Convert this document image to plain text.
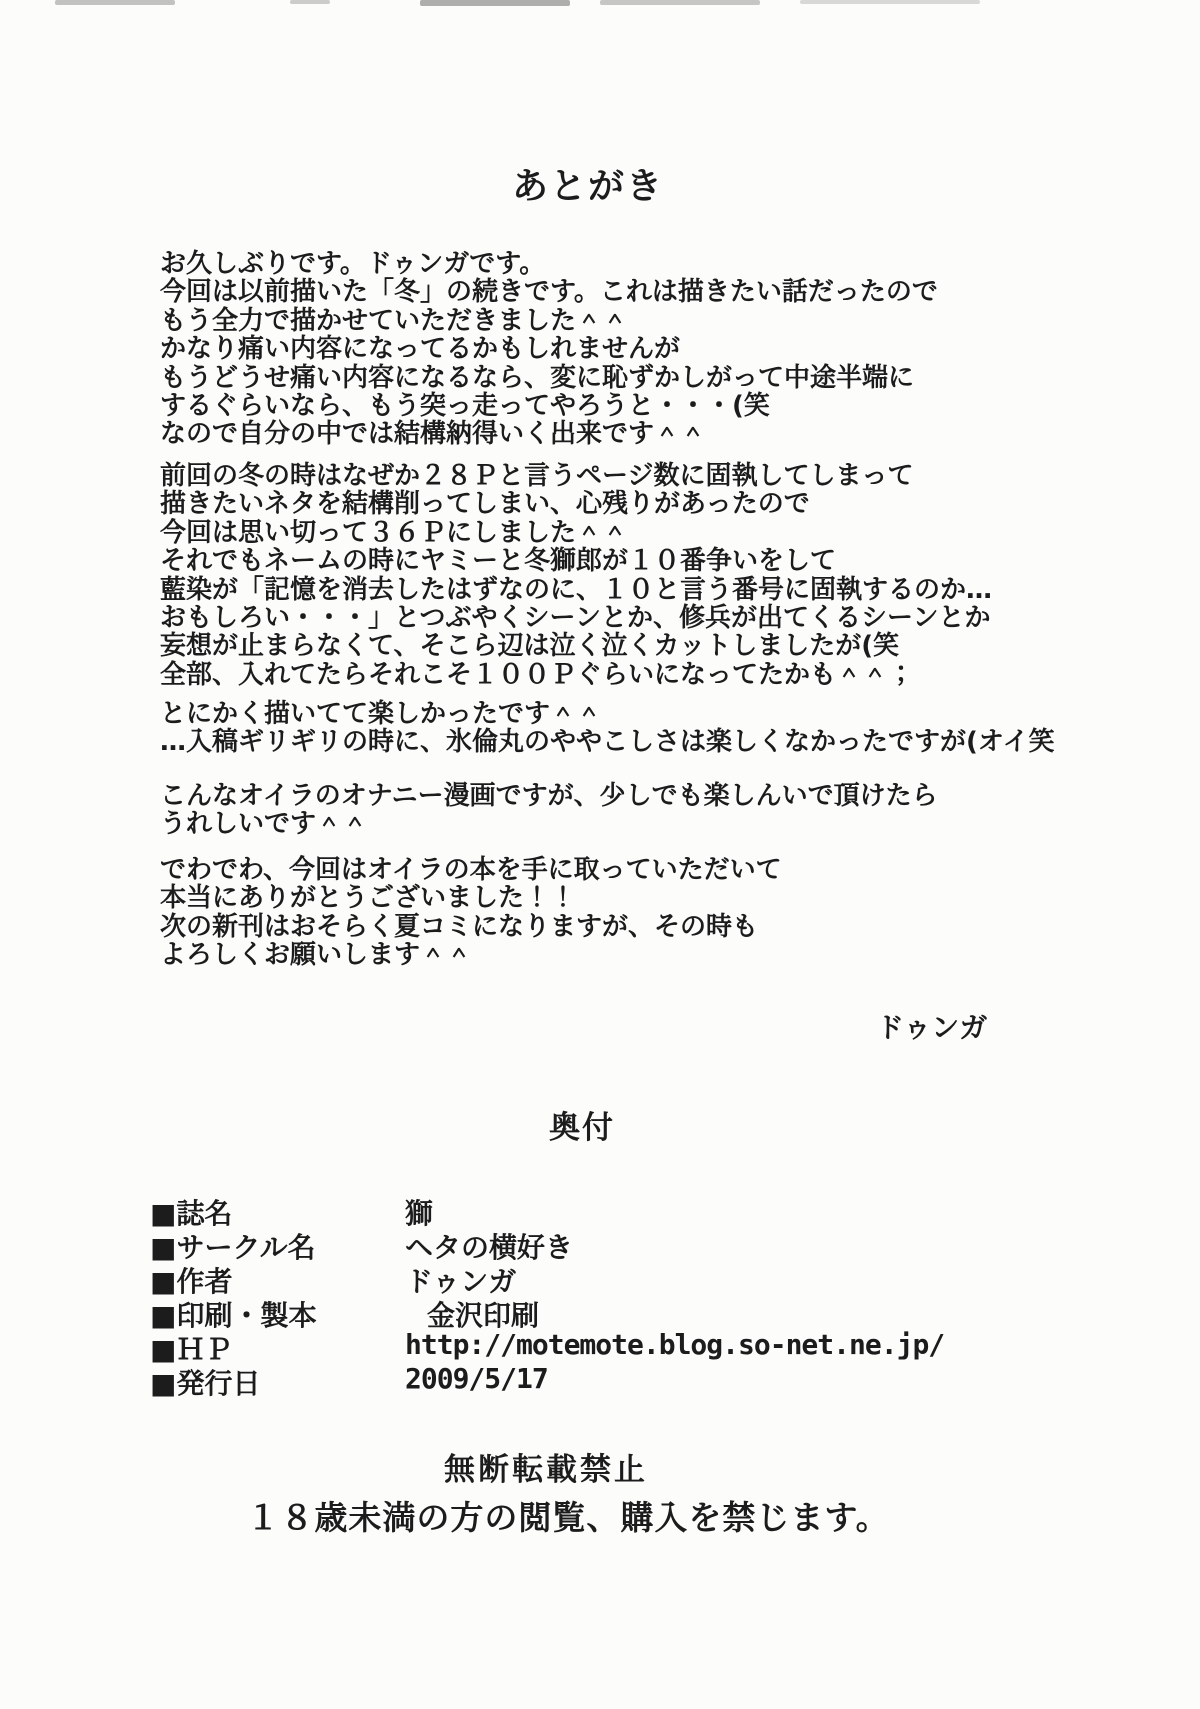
あとがき
お久しぶりです。ドゥンガです。
今回は以前描いた「冬」の続きです。これは描きたい話だったので
もう全力で描かせていただきました＾＾
かなり痛い内容になってるかもしれませんが
もうどうせ痛い内容になるなら、変に恥ずかしがって中途半端に
するぐらいなら、もう突っ走ってやろうと・・・(笑
なので自分の中では結構納得いく出来です＾＾
前回の冬の時はなぜか２８Ｐと言うページ数に固執してしまって
描きたいネタを結構削ってしまい、心残りがあったので
今回は思い切って３６Ｐにしました＾＾
それでもネームの時にヤミーと冬獅郎が１０番争いをして
藍染が「記憶を消去したはずなのに、１０と言う番号に固執するのか…
おもしろい・・・」とつぶやくシーンとか、修兵が出てくるシーンとか
妄想が止まらなくて、そこら辺は泣く泣くカットしましたが(笑
全部、入れてたらそれこそ１００Ｐぐらいになってたかも＾＾；
とにかく描いてて楽しかったです＾＾
…入稿ギリギリの時に、氷倫丸のややこしさは楽しくなかったですが(オイ笑
こんなオイラのオナニー漫画ですが、少しでも楽しんいで頂けたら
うれしいです＾＾
でわでわ、今回はオイラの本を手に取っていただいて
本当にありがとうございました！！
次の新刊はおそらく夏コミになりますが、その時も
よろしくお願いします＾＾
ドゥンガ
奥付
■誌名	獅
■サークル名	ヘタの横好き
■作者	ドゥンガ
■印刷・製本	金沢印刷
■ＨＰ	http://motemote.blog.so-net.ne.jp/
■発行日	2009/5/17
無断転載禁止
１８歳未満の方の閲覧、購入を禁じます。
